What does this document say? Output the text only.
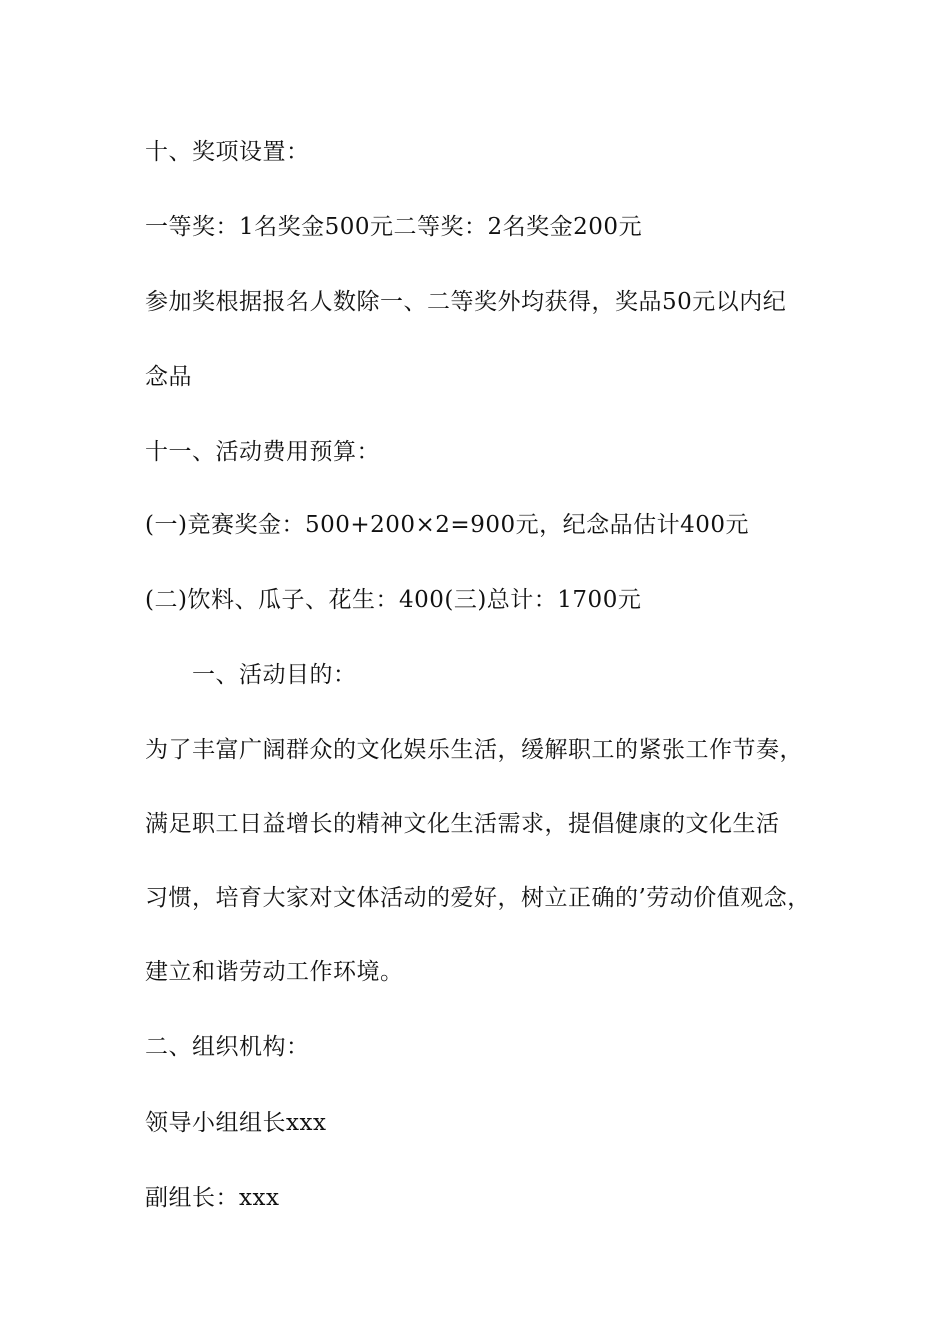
十、奖项设置：
一等奖：1名奖金500元二等奖：2名奖金200元
参加奖根据报名人数除一、二等奖外均获得，奖品50元以内纪
念品
十一、活动费用预算：
(一)竞赛奖金：500+200×2=900元，纪念品估计400元
(二)饮料、瓜子、花生：400(三)总计：1700元
一、活动目的：
为了丰富广阔群众的文化娱乐生活，缓解职工的紧张工作节奏，
满足职工日益增长的精神文化生活需求，提倡健康的文化生活
习惯，培育大家对文体活动的爱好，树立正确的’劳动价值观念，
建立和谐劳动工作环境。
二、组织机构：
领导小组组长xxx
副组长：xxx
